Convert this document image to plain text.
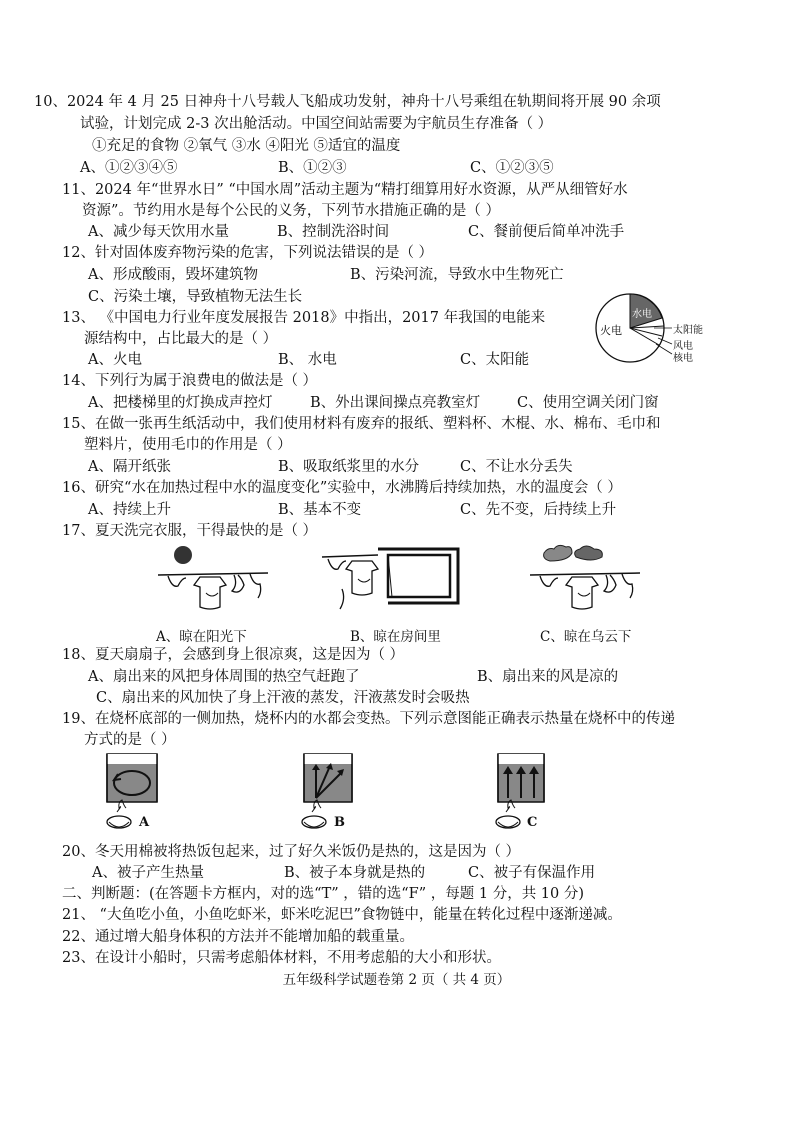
10、2024 年 4 月 25 日神舟十八号载人飞船成功发射，神舟十八号乘组在轨期间将开展 90 余项
试验，计划完成 2-3 次出舱活动。中国空间站需要为宇航员生存准备（ ）
①充足的食物 ②氧气 ③水 ④阳光 ⑤适宜的温度
A、①②③④⑤	B、①②③	C、①②③⑤
11、2024 年“世界水日” “中国水周”活动主题为“精打细算用好水资源，从严从细管好水
资源”。节约用水是每个公民的义务，下列节水措施正确的是（ ）
A、减少每天饮用水量	B、控制洗浴时间	C、餐前便后简单冲洗手
12、针对固体废弃物污染的危害，下列说法错误的是（ ）
A、形成酸雨，毁坏建筑物	B、污染河流，导致水中生物死亡
C、污染土壤，导致植物无法生长
13、 《中国电力行业年度发展报告 2018》中指出，2017 年我国的电能来
源结构中，占比最大的是（ ）
A、火电	B、 水电	C、太阳能
火电
水电
太阳能
风电
核电
14、下列行为属于浪费电的做法是（ ）
A、把楼梯里的灯换成声控灯	B、外出课间操点亮教室灯	C、使用空调关闭门窗
15、在做一张再生纸活动中，我们使用材料有废弃的报纸、塑料杯、木棍、水、棉布、毛巾和
塑料片，使用毛巾的作用是（ ）
A、隔开纸张	B、吸取纸浆里的水分	C、不让水分丢失
16、研究“水在加热过程中水的温度变化”实验中，水沸腾后持续加热，水的温度会（ ）
A、持续上升	B、基本不变	C、先不变，后持续上升
17、夏天洗完衣服，干得最快的是（ ）
A、晾在阳光下	B、晾在房间里	C、晾在乌云下
18、夏天扇扇子，会感到身上很凉爽，这是因为（ ）
A、扇出来的风把身体周围的热空气赶跑了	B、扇出来的风是凉的
C、扇出来的风加快了身上汗液的蒸发，汗液蒸发时会吸热
19、在烧杯底部的一侧加热，烧杯内的水都会变热。下列示意图能正确表示热量在烧杯中的传递
方式的是（ ）
A	B	C
20、冬天用棉被将热饭包起来，过了好久米饭仍是热的，这是因为（ ）
A、被子产生热量	B、被子本身就是热的	C、被子有保温作用
二、判断题：(在答题卡方框内，对的选“T” ，错的选“F” ，每题 1 分，共 10 分)
21、 “大鱼吃小鱼，小鱼吃虾米，虾米吃泥巴”食物链中，能量在转化过程中逐渐递减。
22、通过增大船身体积的方法并不能增加船的载重量。
23、在设计小船时，只需考虑船体材料，不用考虑船的大小和形状。
五年级科学试题卷第 2 页（ 共 4 页）
